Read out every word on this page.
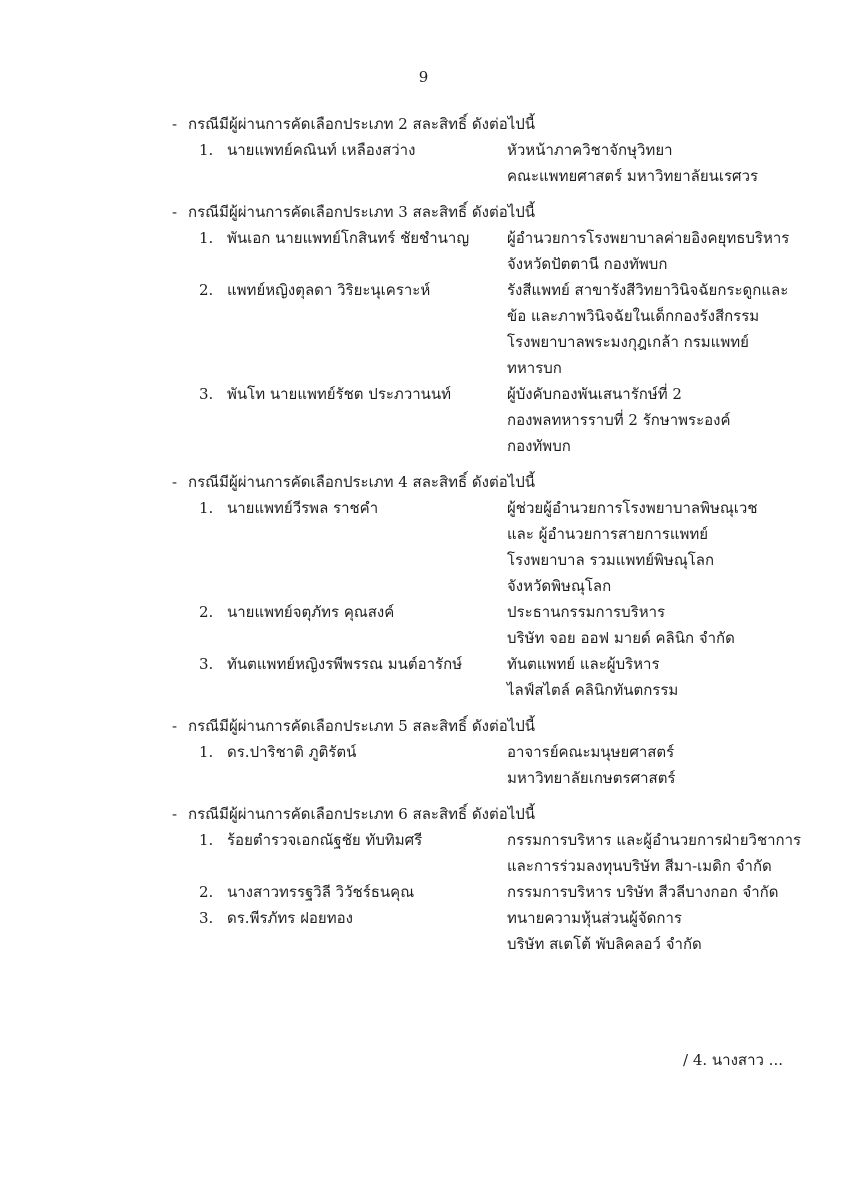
9
- กรณีมีผู้ผ่านการคัดเลือกประเภท 2 สละสิทธิ์ ดังต่อไปนี้
1. นายแพทย์คณินท์ เหลืองสว่าง	หัวหน้าภาควิชาจักษุวิทยา
คณะแพทยศาสตร์ มหาวิทยาลัยนเรศวร
- กรณีมีผู้ผ่านการคัดเลือกประเภท 3 สละสิทธิ์ ดังต่อไปนี้
1. พันเอก นายแพทย์โกสินทร์ ชัยชำนาญ	ผู้อำนวยการโรงพยาบาลค่ายอิงคยุทธบริหาร
จังหวัดปัตตานี กองทัพบก
2. แพทย์หญิงตุลดา วิริยะนุเคราะห์	รังสีแพทย์ สาขารังสีวิทยาวินิจฉัยกระดูกและ
ข้อ และภาพวินิจฉัยในเด็กกองรังสีกรรม
โรงพยาบาลพระมงกุฎเกล้า กรมแพทย์
ทหารบก
3. พันโท นายแพทย์รัชต ประภวานนท์	ผู้บังคับกองพันเสนารักษ์ที่ 2
กองพลทหารราบที่ 2 รักษาพระองค์
กองทัพบก
- กรณีมีผู้ผ่านการคัดเลือกประเภท 4 สละสิทธิ์ ดังต่อไปนี้
1. นายแพทย์วีรพล ราชคำ	ผู้ช่วยผู้อำนวยการโรงพยาบาลพิษณุเวช
และ ผู้อำนวยการสายการแพทย์
โรงพยาบาล รวมแพทย์พิษณุโลก
จังหวัดพิษณุโลก
2. นายแพทย์จตุภัทร คุณสงค์	ประธานกรรมการบริหาร
บริษัท จอย ออฟ มายด์ คลินิก จำกัด
3. ทันตแพทย์หญิงรพีพรรณ มนต์อารักษ์	ทันตแพทย์ และผู้บริหาร
ไลฟ์สไตล์ คลินิกทันตกรรม
- กรณีมีผู้ผ่านการคัดเลือกประเภท 5 สละสิทธิ์ ดังต่อไปนี้
1. ดร.ปาริชาติ ภูติรัตน์	อาจารย์คณะมนุษยศาสตร์
มหาวิทยาลัยเกษตรศาสตร์
- กรณีมีผู้ผ่านการคัดเลือกประเภท 6 สละสิทธิ์ ดังต่อไปนี้
1. ร้อยตำรวจเอกณัฐชัย ทับทิมศรี	กรรมการบริหาร และผู้อำนวยการฝ่ายวิชาการ
และการร่วมลงทุนบริษัท สีมา-เมดิก จำกัด
2. นางสาวทรรฐวิลี วิวัชร์ธนคุณ	กรรมการบริหาร บริษัท สีวลีบางกอก จำกัด
3. ดร.พีรภัทร ฝอยทอง	ทนายความหุ้นส่วนผู้จัดการ
บริษัท สเตโต้ พับลิคลอว์ จำกัด
/ 4. นางสาว ...
